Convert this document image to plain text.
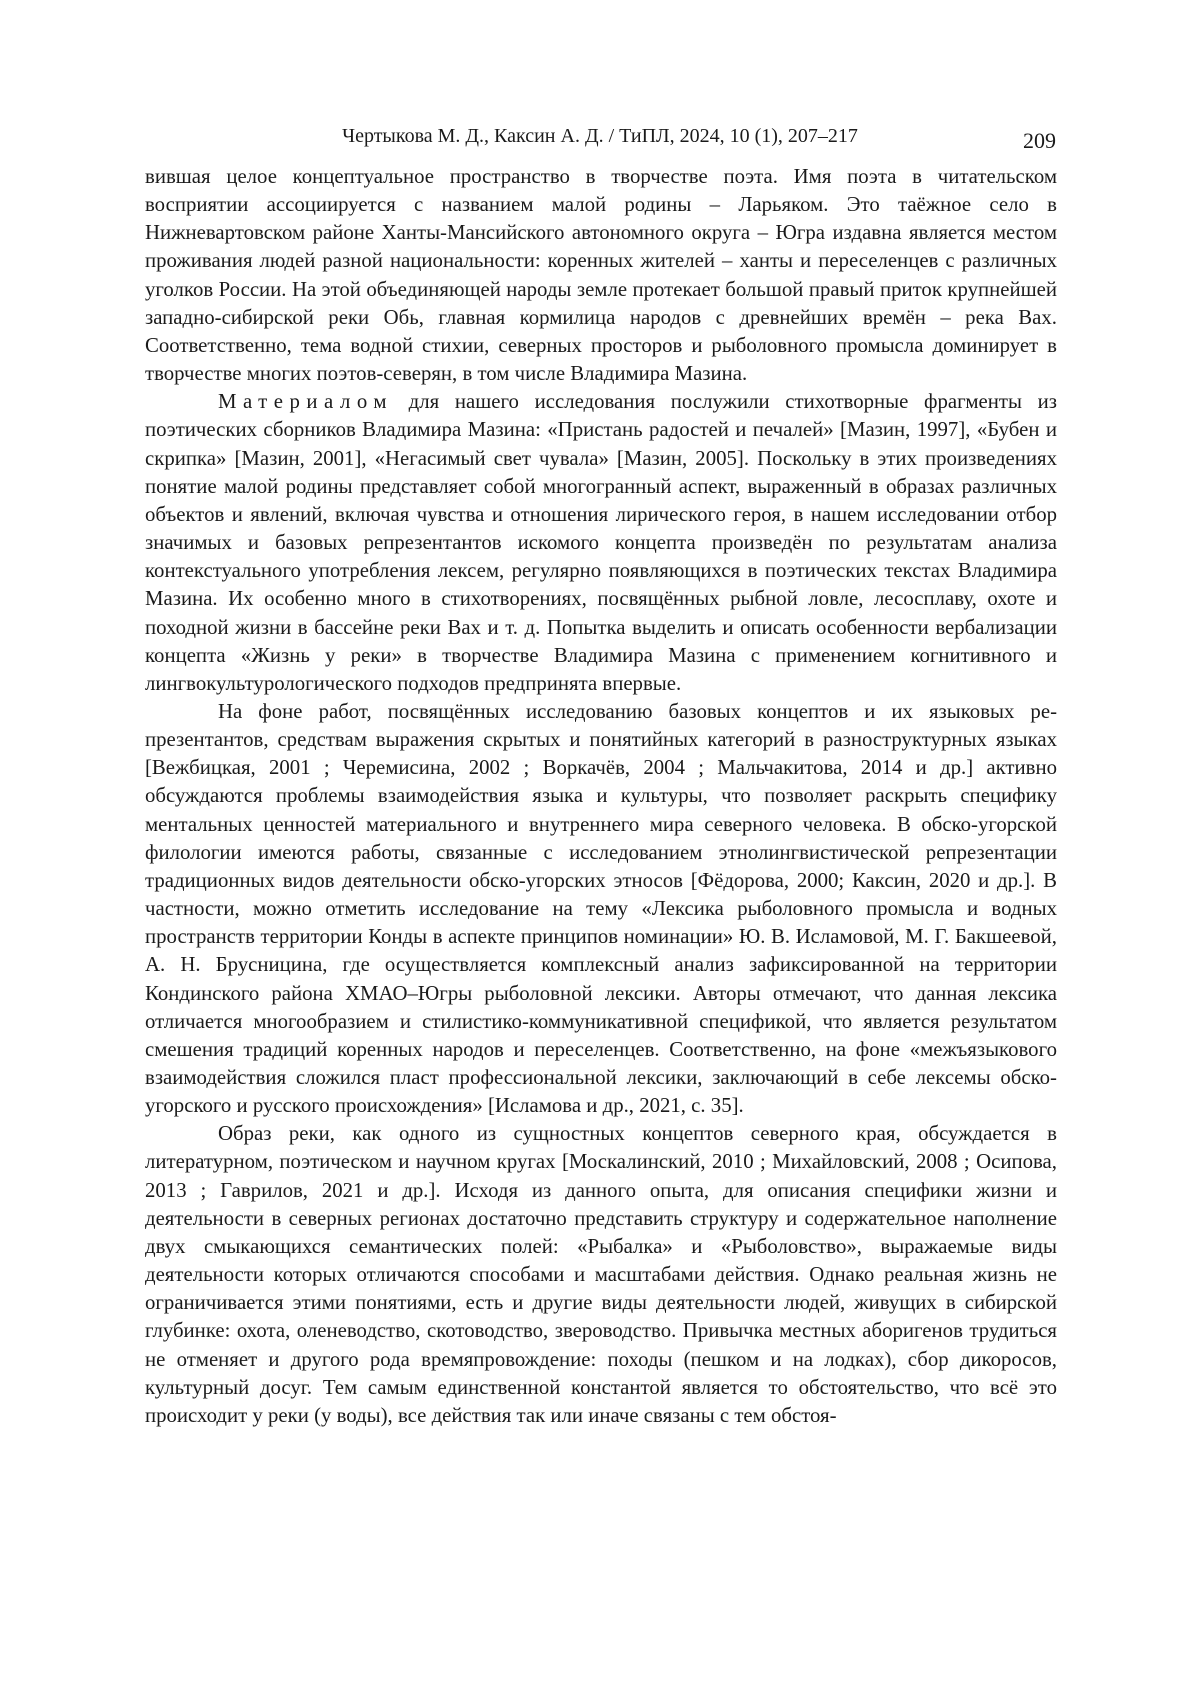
Чертыкова М. Д., Каксин А. Д. / ТиПЛ, 2024, 10 (1), 207–217	209

вившая целое концептуальное пространство в творчестве поэта. Имя поэта в читательском восприятии ассоциируется с названием малой родины – Ларьяком. Это таёжное село в Нижневартовском районе Ханты-Мансийского автономного округа – Югра издавна является местом проживания людей разной национальности: коренных жителей – ханты и переселенцев с различных уголков России. На этой объединяющей народы земле протекает большой правый приток крупнейшей западно-сибирской реки Обь, главная кормилица народов с древнейших времён – река Вах. Соответственно, тема водной стихии, северных просторов и рыболовного промысла доминирует в творчестве многих поэтов-северян, в том числе Владимира Мазина.

Материалом для нашего исследования послужили стихотворные фрагменты из поэтических сборников Владимира Мазина: «Пристань радостей и печалей» [Мазин, 1997], «Бубен и скрипка» [Мазин, 2001], «Негасимый свет чувала» [Мазин, 2005]. Поскольку в этих произведениях понятие малой родины представляет собой многогранный аспект, выраженный в образах различных объектов и явлений, включая чувства и отношения лирического героя, в нашем исследовании отбор значимых и базовых репрезентантов искомого концепта произведён по результатам анализа контекстуального употребления лексем, регулярно появляющихся в поэтических текстах Владимира Мазина. Их особенно много в стихотворениях, посвящённых рыбной ловле, лесосплаву, охоте и походной жизни в бассейне реки Вах и т. д. Попытка выделить и описать особенности вербализации концепта «Жизнь у реки» в творчестве Владимира Мазина с применением когнитивного и лингвокультурологического подходов предпринята впервые.

На фоне работ, посвящённых исследованию базовых концептов и их языковых репрезентантов, средствам выражения скрытых и понятийных категорий в разноструктурных языках [Вежбицкая, 2001 ; Черемисина, 2002 ; Воркачёв, 2004 ; Мальчакитова, 2014 и др.] активно обсуждаются проблемы взаимодействия языка и культуры, что позволяет раскрыть специфику ментальных ценностей материального и внутреннего мира северного человека. В обско-угорской филологии имеются работы, связанные с исследованием этнолингвистической репрезентации традиционных видов деятельности обско-угорских этносов [Фёдорова, 2000; Каксин, 2020 и др.]. В частности, можно отметить исследование на тему «Лексика рыболовного промысла и водных пространств территории Конды в аспекте принципов номинации» Ю. В. Исламовой, М. Г. Бакшеевой, А. Н. Брусницина, где осуществляется комплексный анализ зафиксированной на территории Кондинского района ХМАО–Югры рыболовной лексики. Авторы отмечают, что данная лексика отличается многообразием и стилистико-коммуникативной спецификой, что является результатом смешения традиций коренных народов и переселенцев. Соответственно, на фоне «межъязыкового взаимодействия сложился пласт профессиональной лексики, заключающий в себе лексемы обско-угорского и русского происхождения» [Исламова и др., 2021, с. 35].

Образ реки, как одного из сущностных концептов северного края, обсуждается в литературном, поэтическом и научном кругах [Москалинский, 2010 ; Михайловский, 2008 ; Осипова, 2013 ; Гаврилов, 2021 и др.]. Исходя из данного опыта, для описания специфики жизни и деятельности в северных регионах достаточно представить структуру и содержательное наполнение двух смыкающихся семантических полей: «Рыбалка» и «Рыболовство», выражаемые виды деятельности которых отличаются способами и масштабами действия. Однако реальная жизнь не ограничивается этими понятиями, есть и другие виды деятельности людей, живущих в сибирской глубинке: охота, оленеводство, скотоводство, звероводство. Привычка местных аборигенов трудиться не отменяет и другого рода времяпровождение: походы (пешком и на лодках), сбор дикоросов, культурный досуг. Тем самым единственной константой является то обстоятельство, что всё это происходит у реки (у воды), все действия так или иначе связаны с тем обстоя-
